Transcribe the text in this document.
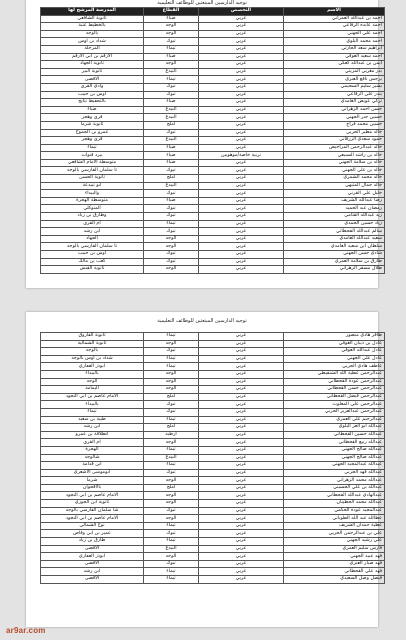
توجيه الدارسين المبتعثين للوظائف التعليمية
الاسم	التخصص	القطاع	المدرسة المرشح لها
احمد بن عبدالله العمراني	عربي	ضباء	ثانوية الشافعي
احمد عابده الرفاعي	عربي	الوجه	بالخطيط عتبة
احمد علي الجهني	عربي	الوجه	بالوجه
احمد محمد البلوي	عربي	تبوك	شداد بن اوس
ابراهيم سعد الحارثي	عربي	تيماء	المرحلة
احمد سعيد العوفي	عربي	ضباء	الارقم بن ابي الارقم
ايمن بن عبدالله كعكي	عربي	الوجه	ثانوية الجهاد
بدر مغربي المزيني	عربي	البيدع	ثانوية البير
برجس نافع العنزي	عربي	تيماء	الاقصى
بشير سليم السحيمي	عربي	تبوك	وادي القرى
بندر علي الرفاعي	عربي	تبوك	اوس بن حبيب
تركي عويض الغامدي	عربي	ضباء	بالتحفيظ نتايج
حسن احمد الزهراني	عربي	البيدع	ضباء
حسين جبر الجهني	عربي	البيدع	قرى وهجر
حسين محمد فراج	عربي	املج	ثانوية شرما
خالد مطير الحربي	عربي	تبوك	عمرو بن الجموح
حمود سعدي الزرقاني	عربي	البيدع	قرى وهجر
خالد عبدالرحمن المراحيض	عربي	ضباء	تيماء
خالد بن راشد السبيعي	تربية خاصة/موهوبين	ضباء	بيرد قنوات
خالد بن سلامة الجهني	عربي	ضباء	متوسطة الامام الشافعي
خالد بن علي الجهني	عربي	تبوك	ثا سلمان الفارسي بالوجه
خالد محمد الشمري	عربي	املج	ثانوية الحسن
خالد جمال المتيهي	عربي	البيدع	ابو تبيدعة
خليل علي القرني	عربي	تبوك	والبيداء
رضا عبدالله الشريف	عربي	ضباء	متوسطة الهجرة
رمضان عبد الحميد	عربي	تبوك	المتوكلي
زيد عبدالله القثامي	عربي	تبوك	وطارق بن زياد
زياد حسين الحمدي	عربي	تيماء	ام القرى
سالم عبدالله القحطاني	عربي	تبوك	ابن رشد
سعيد عبدالله الغامدي	عربي	الوجه	الجهاد
سلطان ابن سعيد الغامدي	عربي	الوجه	ثا سلمان الفارسي بالوجه
شادي حسن الجهني	عربي	تبوك	اوس بن حبيب
طارق بن سلامة العمري	عربي	تبوك	كعب بن مالك
طلال مسفر الزهراني	عربي	الوجه	ثانوية القبس
توجيه الدارسين المبتعثين للوظائف التعليمية
ظافر هادي منصور	عربي	تيماء	ثانوية الفاروق
عادل بن ذيبان العوفي	عربي	الوجه	ثانوية الشمالية
عادل عبدالله العوفي	عربي	تبوك	بالوجه
عادل علي الجهني	عربي	تيماء	شداد بن اوس بالوجه
عاطف هادي الحربي	عربي	تيماء	ابوذر الغفاري
عبدالرحمن عطية الله الشنقيطي	عربي	الوجه	بالبيداء
عبدالرحمن عودة القحطاني	عربي	الوجه	الوجه
عبدالرحمن حسن القحطاني	عربي	الوجه	اليمامة
عبدالرحمن فيصل القحطاني	عربي	املج	الامام عاصم بن ابي النجود
عبدالرحمن علي المغلوث	عربي	تبوك	بالبيداء
عبدالرحمن عبدالعزيز الحربي	عربي	تبوك	تيماء
عبدالرحيم علي العمري	عربي	تيماء	طيبة بن سعيد
عبدالله ابو العز البلوي	عربي	املج	ابن رشد
عبدالله حسين القحطاني	عربي	ارطبه	انطلاقة بن عمرو
عبدالله ربيع القحطاني	عربي	الوجه	ام القرى
عبدالله صالح الجهني	عربي	تيماء	الهجرة
عبدالله صالح الجهني	عربي	البيدع	شالوجه
عبدالله عبدالمجيد الجهني	عربي	تيماء	ابن قدامة
عبدالله فهد الحربي	عربي	تبوك	ابوموسى الاشعري
عبدالله محمد الزهراني	عربي	الوجه	شرما
عبدالله بن علي الحسيني	عربي	املج	بالاقحوان
عبدالهادي عبدالله القحطاني	عربي	الوجه	الامام عاصم بن ابي النجود
عبدالله محمد الحطيبان	عربي	الوجه	ثانوية ابن الجوزي
عبدالمجيد عودة الحكمي	عربي	تبوك	شا سلمان الفارسي بالوجه
عطالله عبد الله الطوياني	عربي	الوجه	الامام عاصم بن ابي النجود
عطية حمدان الشريف	عربي	تيماء	نوح الشمالي
علي بن عبدالرحمن الحربي	عربي	تبوك	عمير بن ابي وقاص
علي رشيد الجهني	عربي	تيماء	طارق بن زياد
فارس سليم العمري	عربي	البيدع	الاقصى
فهد عبيد الجهني	عربي	الوجه	ابوذر الغفاري
فهد صبار العنزي	عربي	تبوك	الاقصى
فهد علي القحطاني	عربي	تيماء	ابن رشد
فيصل وصل السعيدي	عربي	تيماء	الاقصى
ar9ar.com
